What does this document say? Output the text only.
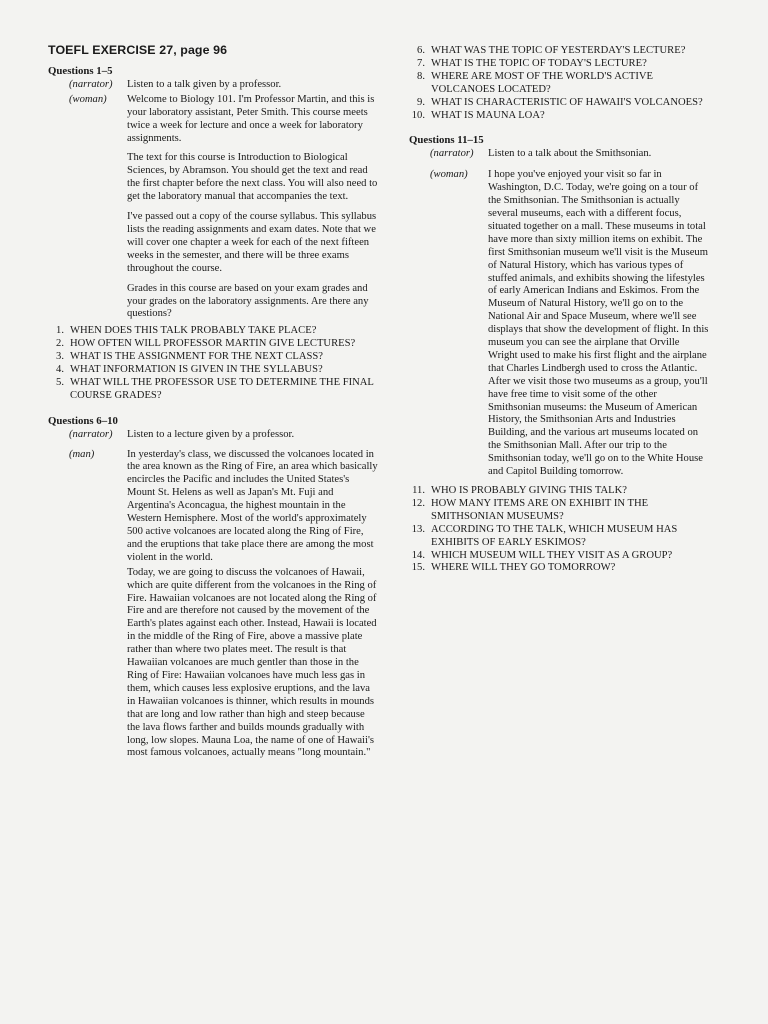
TOEFL EXERCISE 27, page 96
Questions 1–5
(narrator)	Listen to a talk given by a professor.

(woman)	Welcome to Biology 101. I'm Professor Martin, and this is your laboratory assistant, Peter Smith. This course meets twice a week for lecture and once a week for laboratory assignments.

The text for this course is Introduction to Biological Sciences, by Abramson. You should get the text and read the first chapter before the next class. You will also need to get the laboratory manual that accompanies the text.

I've passed out a copy of the course syllabus. This syllabus lists the reading assignments and exam dates. Note that we will cover one chapter a week for each of the next fifteen weeks in the semester, and there will be three exams throughout the course.

Grades in this course are based on your exam grades and your grades on the laboratory assignments. Are there any questions?

1. WHEN DOES THIS TALK PROBABLY TAKE PLACE?
2. HOW OFTEN WILL PROFESSOR MARTIN GIVE LECTURES?
3. WHAT IS THE ASSIGNMENT FOR THE NEXT CLASS?
4. WHAT INFORMATION IS GIVEN IN THE SYLLABUS?
5. WHAT WILL THE PROFESSOR USE TO DETERMINE THE FINAL COURSE GRADES?
Questions 6–10
(narrator)	Listen to a lecture given by a professor.

(man)	In yesterday's class, we discussed the volcanoes located in the area known as the Ring of Fire, an area which basically encircles the Pacific and includes the United States's Mount St. Helens as well as Japan's Mt. Fuji and Argentina's Aconcagua, the highest mountain in the Western Hemisphere. Most of the world's approximately 500 active volcanoes are located along the Ring of Fire, and the eruptions that take place there are among the most violent in the world.

Today, we are going to discuss the volcanoes of Hawaii, which are quite different from the volcanoes in the Ring of Fire. Hawaiian volcanoes are not located along the Ring of Fire and are therefore not caused by the movement of the Earth's plates against each other. Instead, Hawaii is located in the middle of the Ring of Fire, above a massive plate rather than where two plates meet. The result is that Hawaiian volcanoes are much gentler than those in the Ring of Fire: Hawaiian volcanoes have much less gas in them, which causes less explosive eruptions, and the lava in Hawaiian volcanoes is thinner, which results in mounds that are long and low rather than high and steep because the lava flows farther and builds mounds gradually with long, low slopes. Mauna Loa, the name of one of Hawaii's most famous volcanoes, actually means "long mountain."

6. WHAT WAS THE TOPIC OF YESTERDAY'S LECTURE?
7. WHAT IS THE TOPIC OF TODAY'S LECTURE?
8. WHERE ARE MOST OF THE WORLD'S ACTIVE VOLCANOES LOCATED?
9. WHAT IS CHARACTERISTIC OF HAWAII'S VOLCANOES?
10. WHAT IS MAUNA LOA?
Questions 11–15
(narrator)	Listen to a talk about the Smithsonian.

(woman)	I hope you've enjoyed your visit so far in Washington, D.C. Today, we're going on a tour of the Smithsonian. The Smithsonian is actually several museums, each with a different focus, situated together on a mall. These museums in total have more than sixty million items on exhibit. The first Smithsonian museum we'll visit is the Museum of Natural History, which has various types of stuffed animals, and exhibits showing the lifestyles of early American Indians and Eskimos. From the Museum of Natural History, we'll go on to the National Air and Space Museum, where we'll see displays that show the development of flight. In this museum you can see the airplane that Orville Wright used to make his first flight and the airplane that Charles Lindbergh used to cross the Atlantic. After we visit those two museums as a group, you'll have free time to visit some of the other Smithsonian museums: the Museum of American History, the Smithsonian Arts and Industries Building, and the various art museums located on the Smithsonian Mall. After our trip to the Smithsonian today, we'll go on to the White House and Capitol Building tomorrow.

11. WHO IS PROBABLY GIVING THIS TALK?
12. HOW MANY ITEMS ARE ON EXHIBIT IN THE SMITHSONIAN MUSEUMS?
13. ACCORDING TO THE TALK, WHICH MUSEUM HAS EXHIBITS OF EARLY ESKIMOS?
14. WHICH MUSEUM WILL THEY VISIT AS A GROUP?
15. WHERE WILL THEY GO TOMORROW?
